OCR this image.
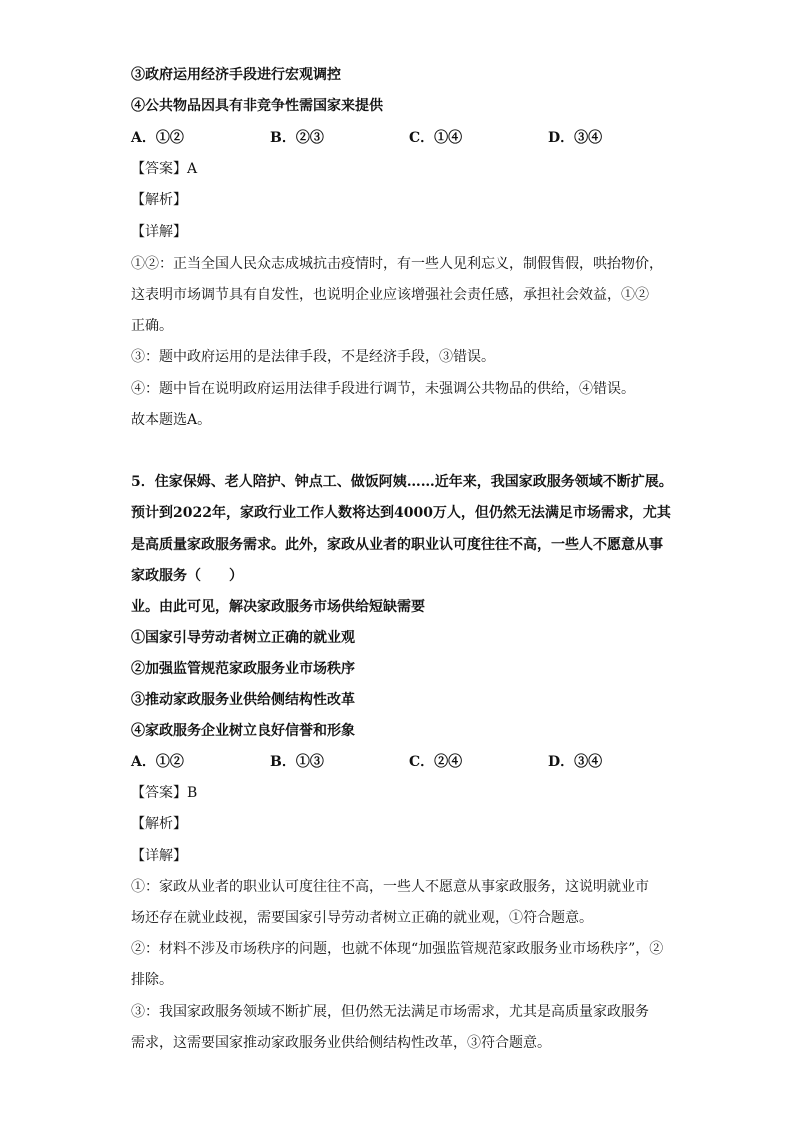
③政府运用经济手段进行宏观调控
④公共物品因具有非竞争性需国家来提供
A．①②	B．②③	C．①④	D．③④
【答案】A
【解析】
【详解】
①②：正当全国人民众志成城抗击疫情时，有一些人见利忘义，制假售假，哄抬物价，
这表明市场调节具有自发性，也说明企业应该增强社会责任感，承担社会效益，①②
正确。
③：题中政府运用的是法律手段，不是经济手段，③错误。
④：题中旨在说明政府运用法律手段进行调节，未强调公共物品的供给，④错误。
故本题选A。
5．住家保姆、老人陪护、钟点工、做饭阿姨……近年来，我国家政服务领域不断扩展。
预计到2022年，家政行业工作人数将达到4000万人，但仍然无法满足市场需求，尤其
是高质量家政服务需求。此外，家政从业者的职业认可度往往不高，一些人不愿意从事
家政服务（　　）
业。由此可见，解决家政服务市场供给短缺需要
①国家引导劳动者树立正确的就业观
②加强监管规范家政服务业市场秩序
③推动家政服务业供给侧结构性改革
④家政服务企业树立良好信誉和形象
A．①②	B．①③	C．②④	D．③④
【答案】B
【解析】
【详解】
①：家政从业者的职业认可度往往不高，一些人不愿意从事家政服务，这说明就业市
场还存在就业歧视，需要国家引导劳动者树立正确的就业观，①符合题意。
②：材料不涉及市场秩序的问题，也就不体现“加强监管规范家政服务业市场秩序”，②
排除。
③：我国家政服务领域不断扩展，但仍然无法满足市场需求，尤其是高质量家政服务
需求，这需要国家推动家政服务业供给侧结构性改革，③符合题意。
